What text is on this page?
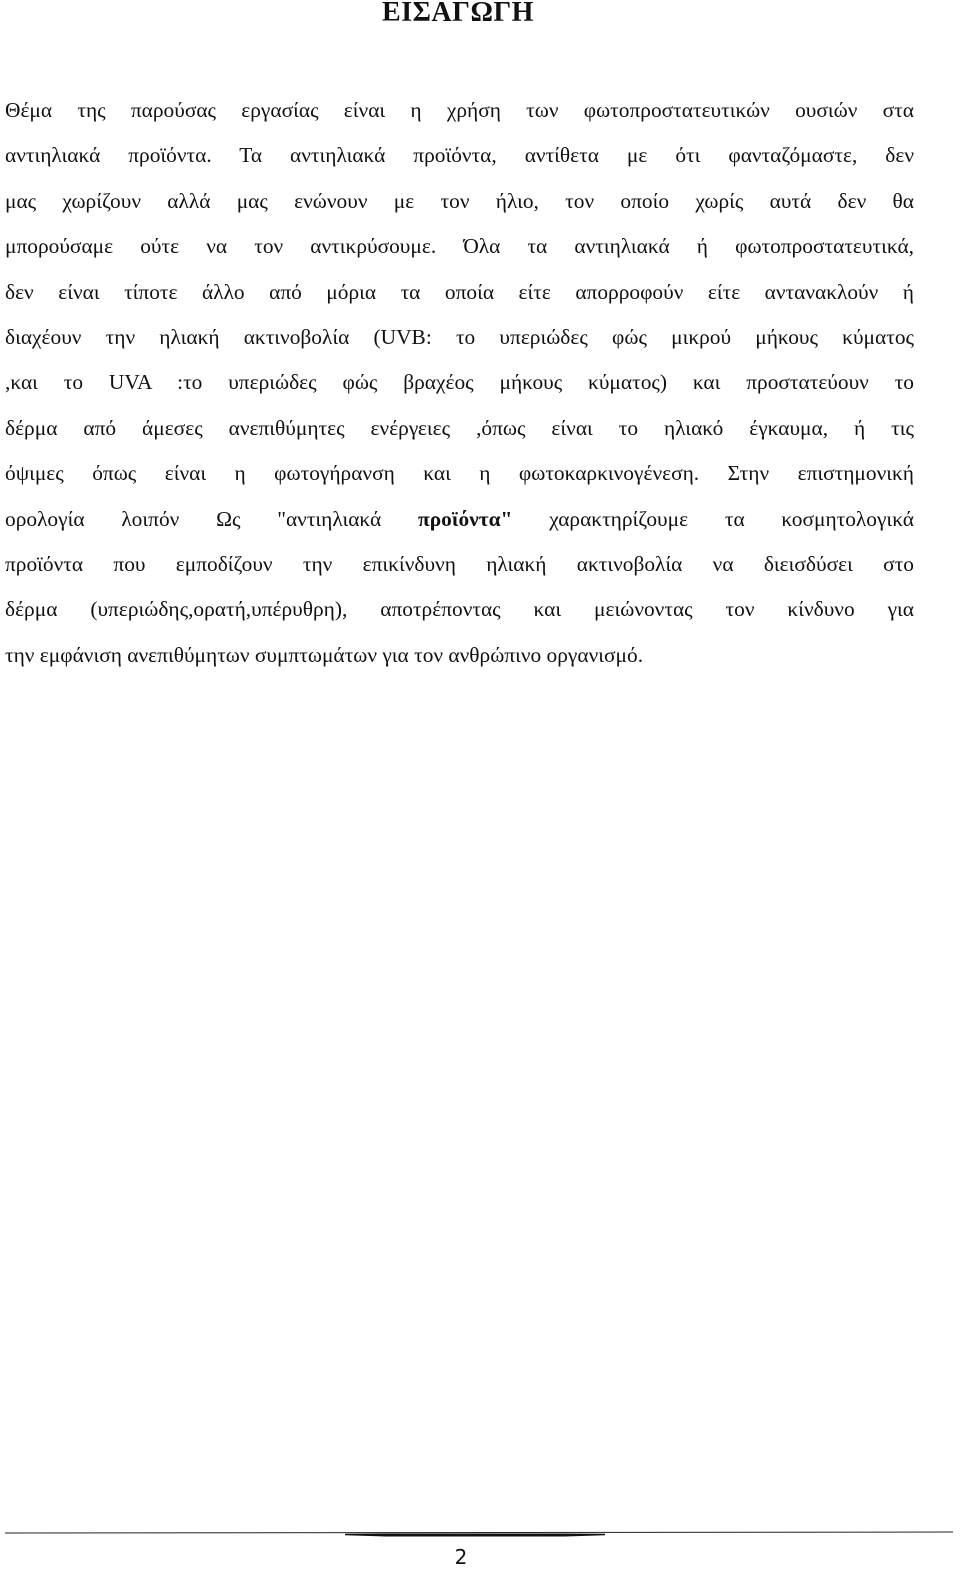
ΕΙΣΑΓΩΓΗ
Θέμα της παρούσας εργασίας είναι η χρήση των φωτοπροστατευτικών ουσιών στα
αντιηλιακά προϊόντα. Τα αντιηλιακά προϊόντα, αντίθετα με ότι φανταζόμαστε, δεν
μας χωρίζουν αλλά μας ενώνουν με τον ήλιο, τον οποίο χωρίς αυτά δεν θα
μπορούσαμε ούτε να τον αντικρύσουμε. Όλα τα αντιηλιακά ή φωτοπροστατευτικά,
δεν είναι τίποτε άλλο από μόρια τα οποία είτε απορροφούν είτε αντανακλούν ή
διαχέουν την ηλιακή ακτινοβολία (UVB: το υπεριώδες φώς μικρού μήκους κύματος
,και το UVA :το υπεριώδες φώς βραχέος μήκους κύματος) και προστατεύουν το
δέρμα από άμεσες ανεπιθύμητες ενέργειες ,όπως είναι το ηλιακό έγκαυμα, ή τις
όψιμες όπως είναι η φωτογήρανση και η φωτοκαρκινογένεση. Στην επιστημονική
ορολογία λοιπόν Ως "αντιηλιακά προϊόντα" χαρακτηρίζουμε τα κοσμητολογικά
προϊόντα που εμποδίζουν την επικίνδυνη ηλιακή ακτινοβολία να διεισδύσει στο
δέρμα (υπεριώδης,ορατή,υπέρυθρη), αποτρέποντας και μειώνοντας τον κίνδυνο για
την εμφάνιση ανεπιθύμητων συμπτωμάτων για τον ανθρώπινο οργανισμό.
2
